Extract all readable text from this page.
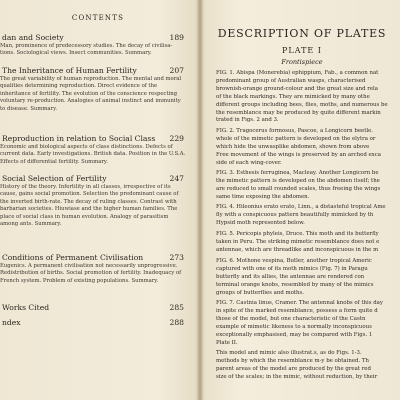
CONTENTS
dan and Society	189
Man, prominence of predecessory studies. The decay of civilisa-tions. Sociological views. Insect communities. Summary.
The Inheritance of Human Fertility	207
The great variability of human reproduction. The mental and moral qualities determining reproduction. Direct evidence of the inheritance of fertility. The evolution of the conscience respecting voluntary re-production. Analogies of animal instinct and immunity to disease. Summary.
Reproduction in relation to Social Class 229
Economic and biological aspects of class distinctions. Defects of current data. Early investigations. British data. Position in the U.S.A. Effects of differential fertility. Summary.
Social Selection of Fertility	247
History of the theory. Infertility in all classes, irrespective of its cause, gains social promotion. Selection the predominant cause of the inverted birth-rate. The decay of ruling classes. Contrast with barbarian societies. Hiuwiase and the higher human families. The place of social class in human evolution. Analogy of parasitism among ants. Summary.
Conditions of Permanent Civilisation	273
Eugenics. A permanent civilisation not necessarily unprogressive. Redistribution of births. Social promotion of fertility. Inadequacy of French system. Problem of existing populations. Summary.
Works Cited	285
ndex	288
DESCRIPTION OF PLATES
PLATE I
Frontispiece
FIG. 1. Abispa (Monerebia) ephippium, Fab., a common nat
predominant group of Australian wasps, characterised
brownish-orange ground-colour and the great size and rela
of the black markings. They are mimicked by many othe
different groups including bees, flies, moths, and numerous be
the resemblance may be produced by quite different markin
trated in Figs. 2 and 3.
FIG. 2. Tragocerus formosus, Pascoe, a Longicorn beetle.
whole of the mimetic pattern is developed on the elytra or
which hide the unwasplike abdomen, shown from above
Free movement of the wings is preserved by an arched exca
side of each wing-cover.
FIG. 3. Esthesis ferruginea, Macleay. Another Longicorn be
the mimetic pattern is developed on the abdomen itself; the
are reduced to small rounded scales, thus freeing the wings
same time exposing the abdomen.
FIG. 4. Hileonius erato erato, Linn., a distasteful tropical Ame
fly with a conspicuous pattern beautifully mimicked by th
Hypsid moth represented below.
FIG. 5. Pericopis phyleis, Druce. This moth and its butterfly
taken in Peru. The striking mimetic resemblance does not e
antennae, which are threadlike and inconspicuous in the m
FIG. 6. Mothone vespina, Butler, another tropical Americ
captured with one of its moth mimics (Fig. 7) in Paragu
butterfly and its allies, the antennae are rendered con
terminal orange knobs, resembled by many of the mimics
groups of butterflies and moths.
FIG. 7. Castnia linus, Cramer. The antennal knobs of this day
in spite of the marked resemblance, possess a form quite d
those of the model, but one characteristic of the Castn
example of mimetic likeness to a normally inconspicuous
exceptionally emphasised, may be compared with Figs. 1
Plate II.
This model and mimic also illustrat.s, as do Figs. 1-3.
methods by which the resemblance m-y be obtained. Th
parent areas of the model are produced by the great red
size of the scales; in the mimic, without reduction, by their
